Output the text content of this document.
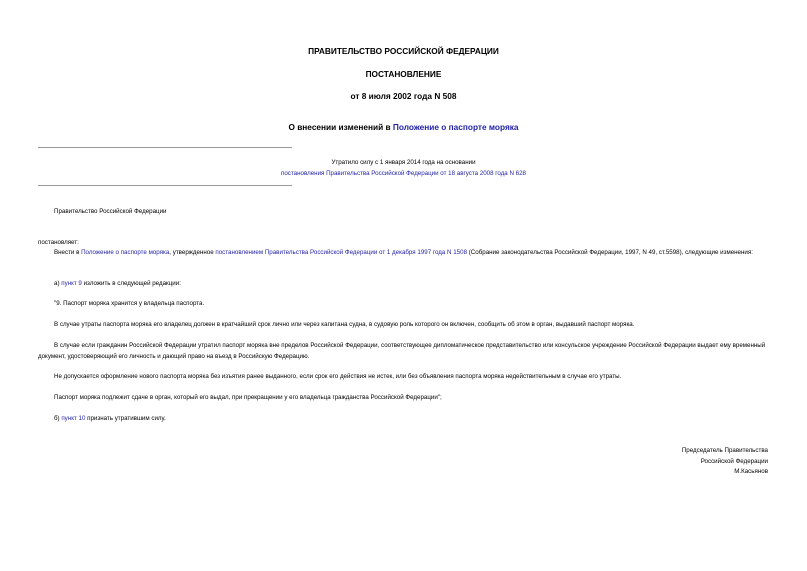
ПРАВИТЕЛЬСТВО РОССИЙСКОЙ ФЕДЕРАЦИИ
ПОСТАНОВЛЕНИЕ
от 8 июля 2002 года N 508
О внесении изменений в Положение о паспорте моряка
Утратило силу с 1 января 2014 года на основании
постановления Правительства Российской Федерации от 18 августа 2008 года N 628
Правительство Российской Федерации
постановляет:
Внести в Положение о паспорте моряка, утвержденное постановлением Правительства Российской Федерации от 1 декабря 1997 года N 1508 (Собрание законодательства Российской Федерации, 1997, N 49, ст.5598), следующие изменения:
а) пункт 9 изложить в следующей редакции:
"9. Паспорт моряка хранится у владельца паспорта.
В случае утраты паспорта моряка его владелец должен в кратчайший срок лично или через капитана судна, в судовую роль которого он включен, сообщить об этом в орган, выдавший паспорт моряка.
В случае если гражданин Российской Федерации утратил паспорт моряка вне пределов Российской Федерации, соответствующее дипломатическое представительство или консульское учреждение Российской Федерации выдает ему временный документ, удостоверяющий его личность и дающий право на въезд в Российскую Федерацию.
Не допускается оформление нового паспорта моряка без изъятия ранее выданного, если срок его действия не истек, или без объявления паспорта моряка недействительным в случае его утраты.
Паспорт моряка подлежит сдаче в орган, который его выдал, при прекращении у его владельца гражданства Российской Федерации";
б) пункт 10 признать утратившим силу.
Председатель Правительства
Российской Федерации
М.Касьянов
